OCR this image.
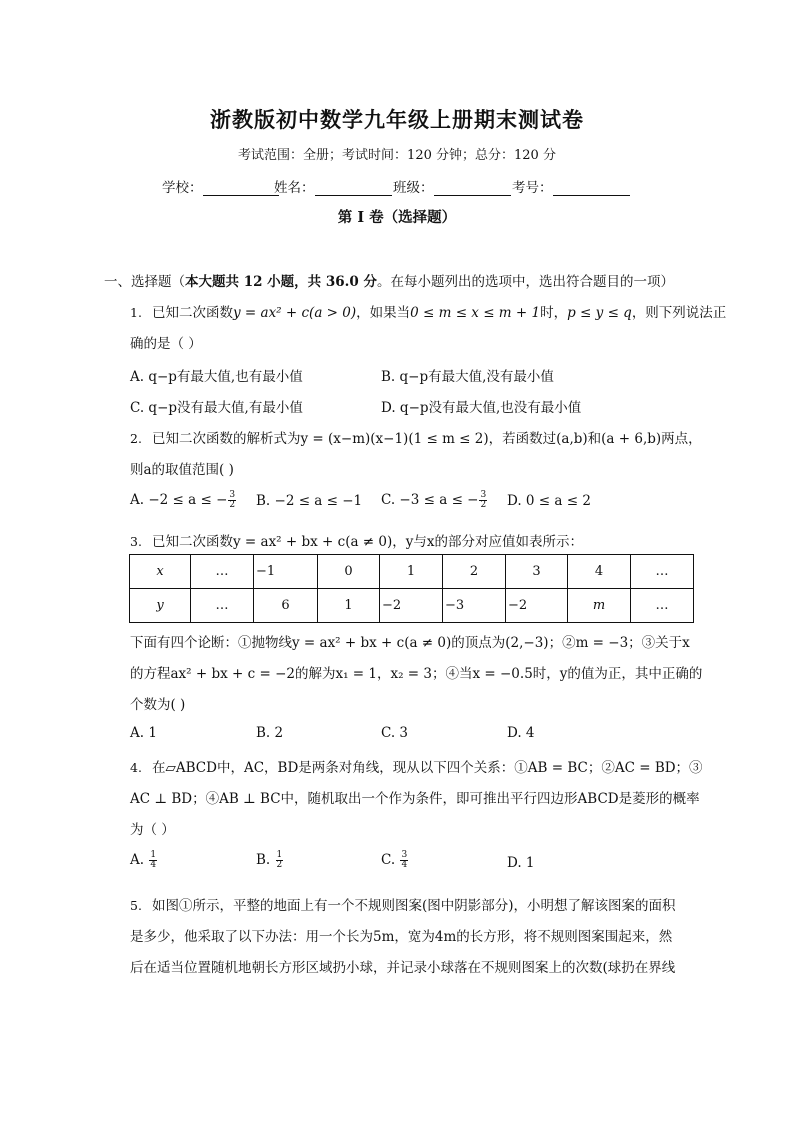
浙教版初中数学九年级上册期末测试卷
考试范围：全册；考试时间：120 分钟；总分：120 分
学校：	姓名：	班级：	考号：
第 I 卷（选择题）
一、选择题（本大题共 12 小题，共 36.0 分。在每小题列出的选项中，选出符合题目的一项）
1. 已知二次函数y = ax² + c(a > 0)，如果当0 ≤ m ≤ x ≤ m + 1时，p ≤ y ≤ q，则下列说法正
确的是（ ）
A. q−p有最大值,也有最小值	B. q−p有最大值,没有最小值
C. q−p没有最大值,有最小值	D. q−p没有最大值,也没有最小值
2. 已知二次函数的解析式为y = (x−m)(x−1)(1 ≤ m ≤ 2)，若函数过(a,b)和(a + 6,b)两点，
则a的取值范围( )
A. −2 ≤ a ≤ − $\frac{3}{2} B$. −2 ≤ a ≤ −1 C. −3 ≤ a ≤ − $\frac{3}{2} D$. 0 ≤ a ≤ 2
3. 已知二次函数y = ax² + bx + c(a ≠ 0)，y与x的部分对应值如表所示：
x	…	−1	0	1	2	3	4	…
y	…	6	1	−2	−3	−2	m	…
下面有四个论断：①抛物线y = ax² + bx + c(a ≠ 0)的顶点为(2,−3)；②m = −3；③关于x
的方程ax² + bx + c = −2的解为x₁ = 1，x₂ = 3；④当x = −0.5时，y的值为正，其中正确的
个数为( )
A. 1	B. 2	C. 3	D. 4
4. 在▱ABCD中，AC，BD是两条对角线，现从以下四个关系：①AB = BC；②AC = BD；③
AC ⊥ BD；④AB ⊥ BC中，随机取出一个作为条件，即可推出平行四边形ABCD是菱形的概率
为（ ）
A. $\frac{1}{4}$	B. $\frac{1}{2}$	C. $\frac{3}{4}$	D. 1
5. 如图①所示，平整的地面上有一个不规则图案(图中阴影部分)，小明想了解该图案的面积
是多少，他采取了以下办法：用一个长为5m，宽为4m的长方形，将不规则图案围起来，然
后在适当位置随机地朝长方形区域扔小球，并记录小球落在不规则图案上的次数(球扔在界线
